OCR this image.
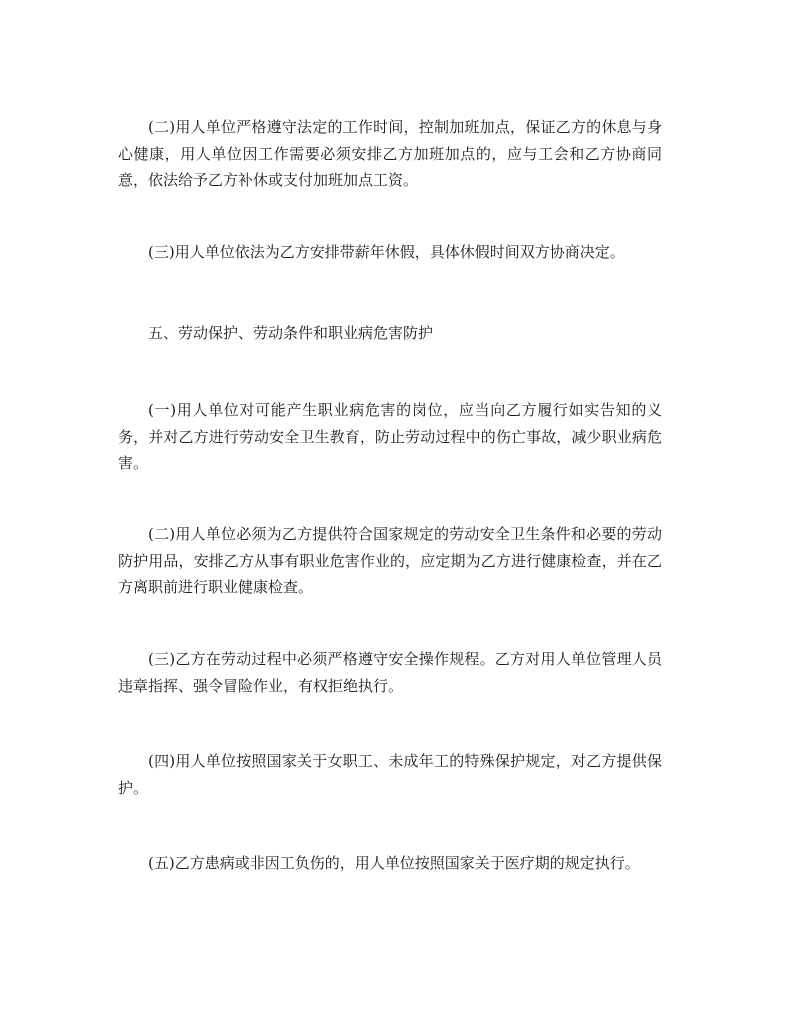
(二)用人单位严格遵守法定的工作时间，控制加班加点，保证乙方的休息与身心健康，用人单位因工作需要必须安排乙方加班加点的，应与工会和乙方协商同意，依法给予乙方补休或支付加班加点工资。

(三)用人单位依法为乙方安排带薪年休假，具体休假时间双方协商决定。

五、劳动保护、劳动条件和职业病危害防护

(一)用人单位对可能产生职业病危害的岗位，应当向乙方履行如实告知的义务，并对乙方进行劳动安全卫生教育，防止劳动过程中的伤亡事故，减少职业病危害。

(二)用人单位必须为乙方提供符合国家规定的劳动安全卫生条件和必要的劳动防护用品，安排乙方从事有职业危害作业的，应定期为乙方进行健康检查，并在乙方离职前进行职业健康检查。

(三)乙方在劳动过程中必须严格遵守安全操作规程。乙方对用人单位管理人员违章指挥、强令冒险作业，有权拒绝执行。

(四)用人单位按照国家关于女职工、未成年工的特殊保护规定，对乙方提供保护。

(五)乙方患病或非因工负伤的，用人单位按照国家关于医疗期的规定执行。
